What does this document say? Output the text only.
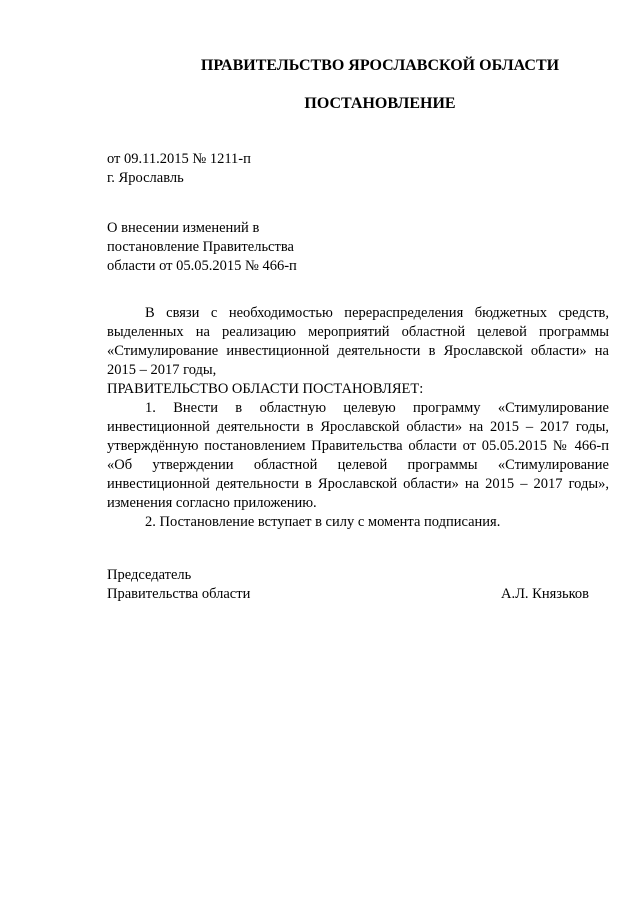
ПРАВИТЕЛЬСТВО ЯРОСЛАВСКОЙ ОБЛАСТИ
ПОСТАНОВЛЕНИЕ
от 09.11.2015 № 1211-п
г. Ярославль
О внесении изменений в
постановление Правительства
области от 05.05.2015 № 466-п

В связи с необходимостью перераспределения бюджетных средств, выделенных на реализацию мероприятий областной целевой программы «Стимулирование инвестиционной деятельности в Ярославской области» на 2015 – 2017 годы,

ПРАВИТЕЛЬСТВО ОБЛАСТИ ПОСТАНОВЛЯЕТ:

1. Внести в областную целевую программу «Стимулирование инвестиционной деятельности в Ярославской области» на 2015 – 2017 годы, утверждённую постановлением Правительства области от 05.05.2015 № 466-п «Об утверждении областной целевой программы «Стимулирование инвестиционной деятельности в Ярославской области» на 2015 – 2017 годы», изменения согласно приложению.

2. Постановление вступает в силу с момента подписания.

Председатель
Правительства области	А.Л. Князьков
